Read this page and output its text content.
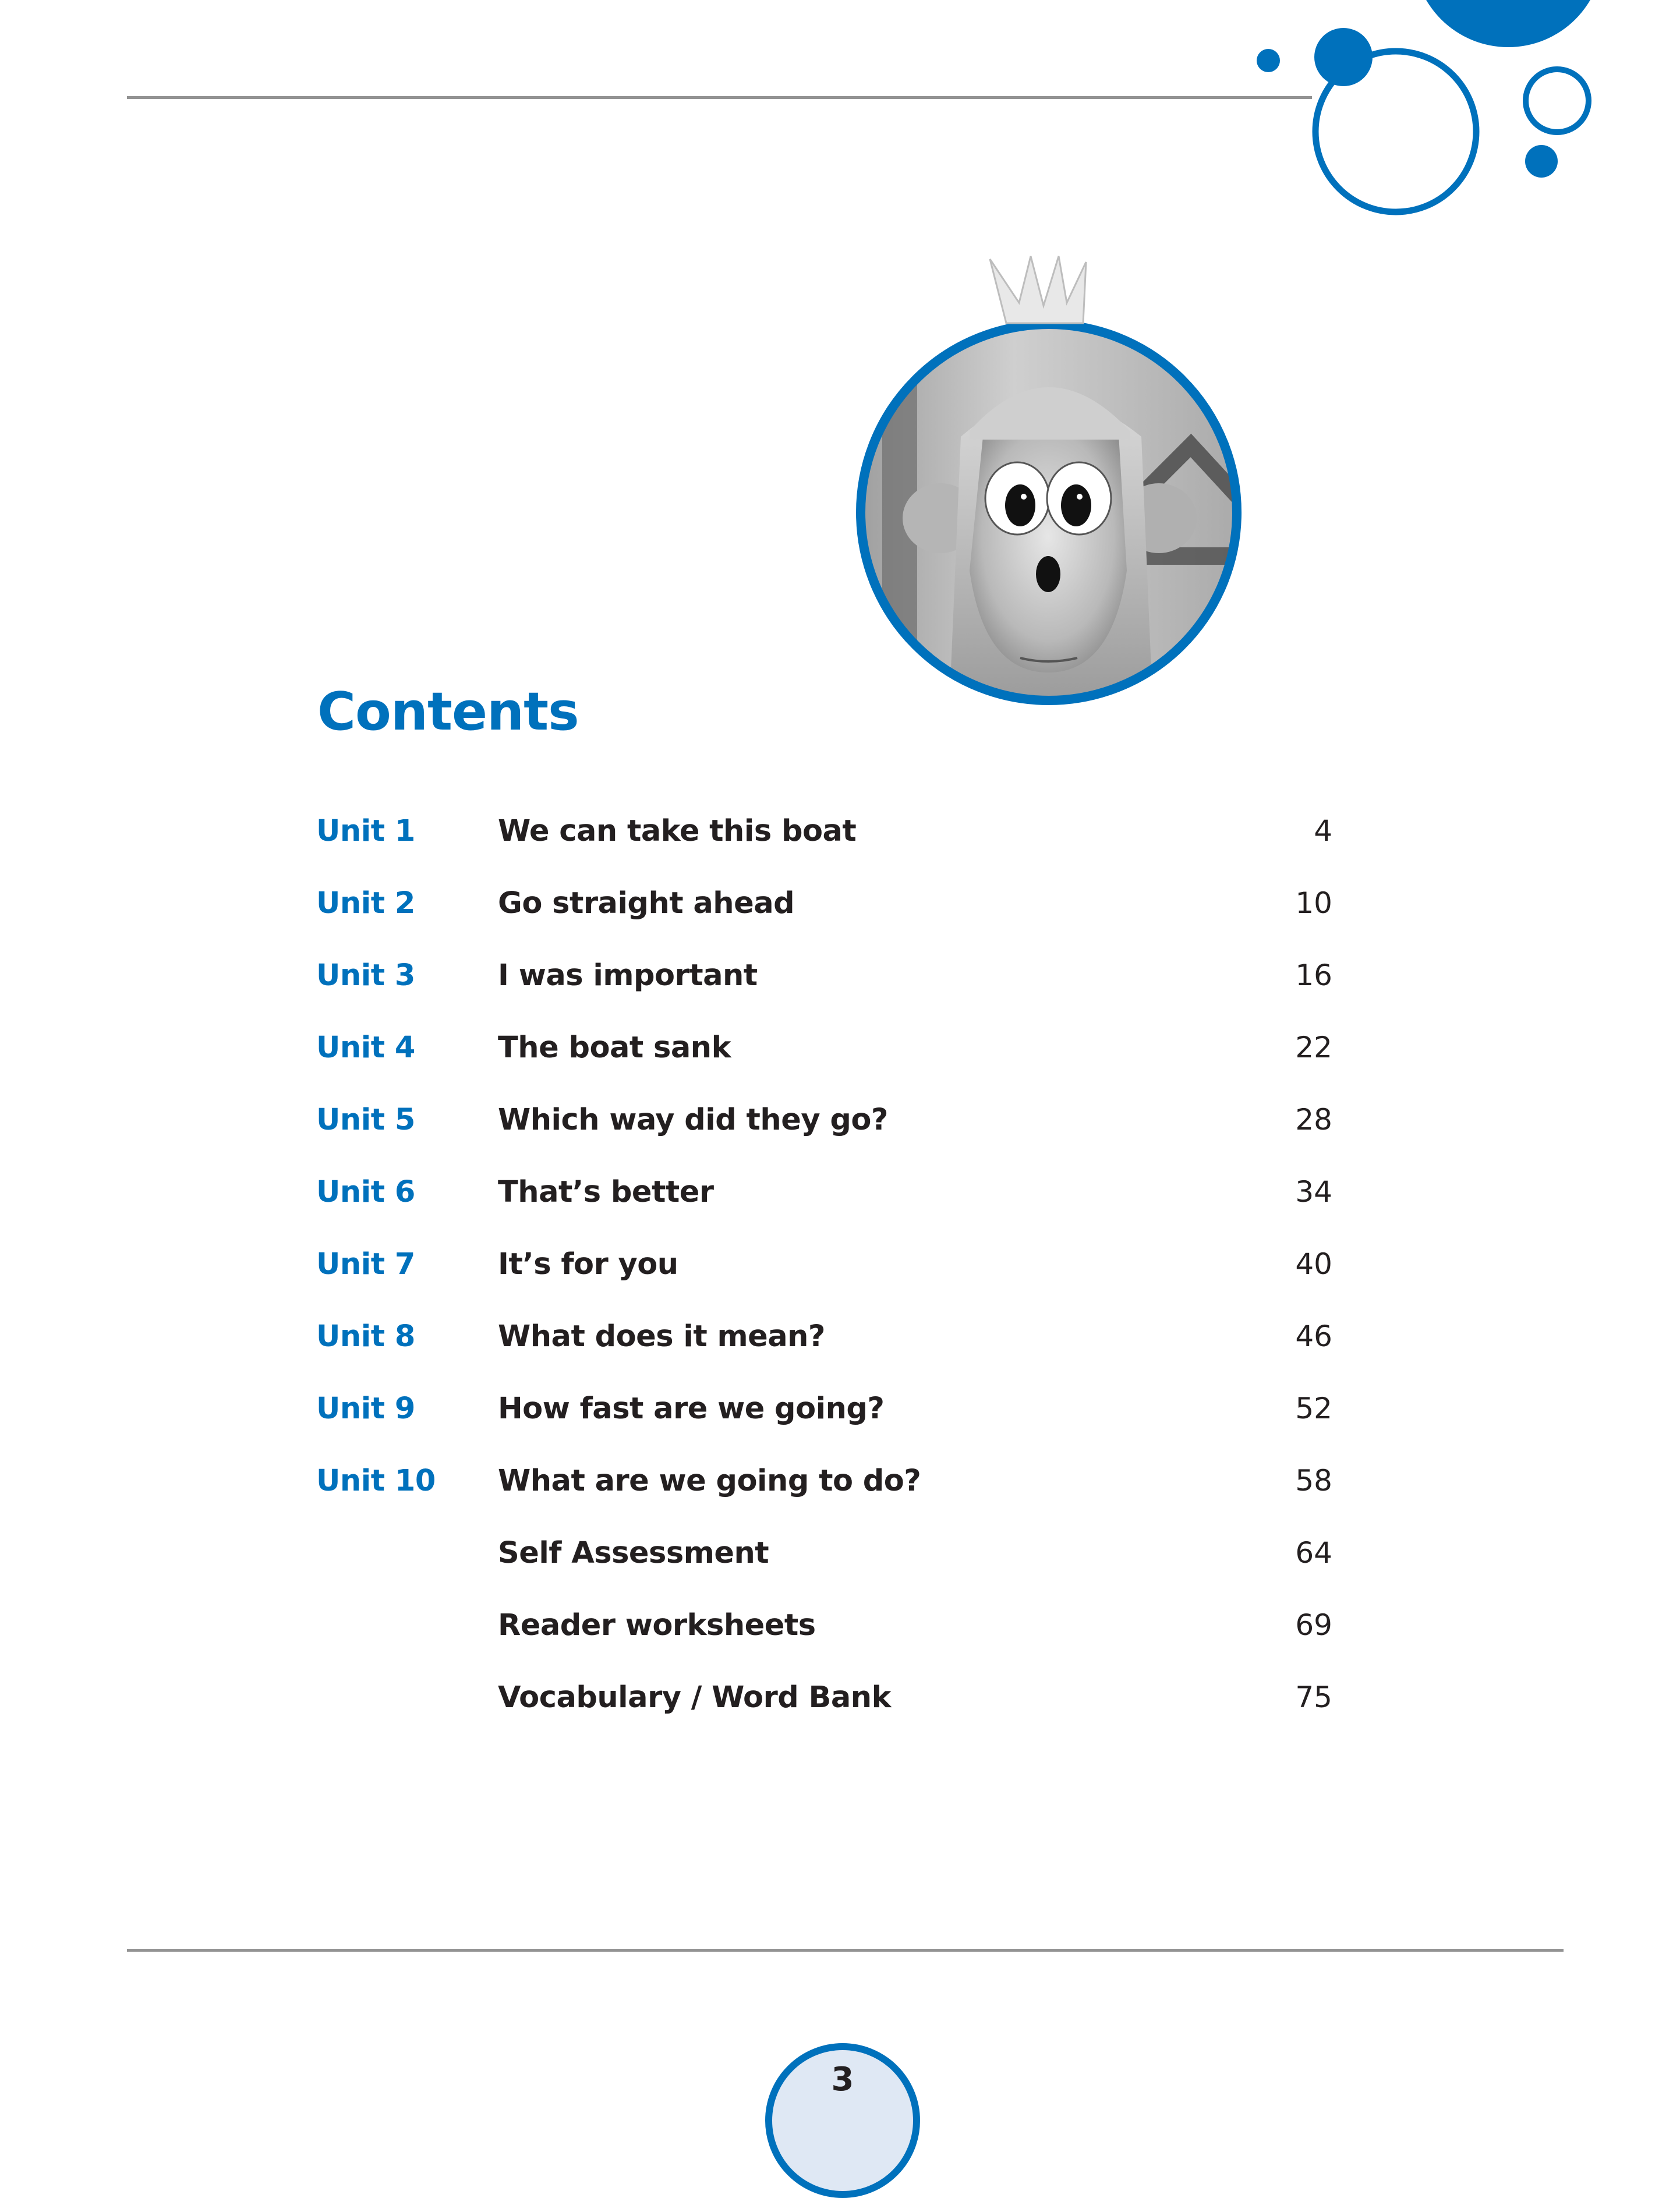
Contents
Unit 1	We can take this boat	4
Unit 2	Go straight ahead	10
Unit 3	I was important	16
Unit 4	The boat sank	22
Unit 5	Which way did they go?	28
Unit 6	That’s better	34
Unit 7	It’s for you	40
Unit 8	What does it mean?	46
Unit 9	How fast are we going?	52
Unit 10 What are we going to do?	58
Self Assessment	64
Reader worksheets	69
Vocabulary / Word Bank	75
3
